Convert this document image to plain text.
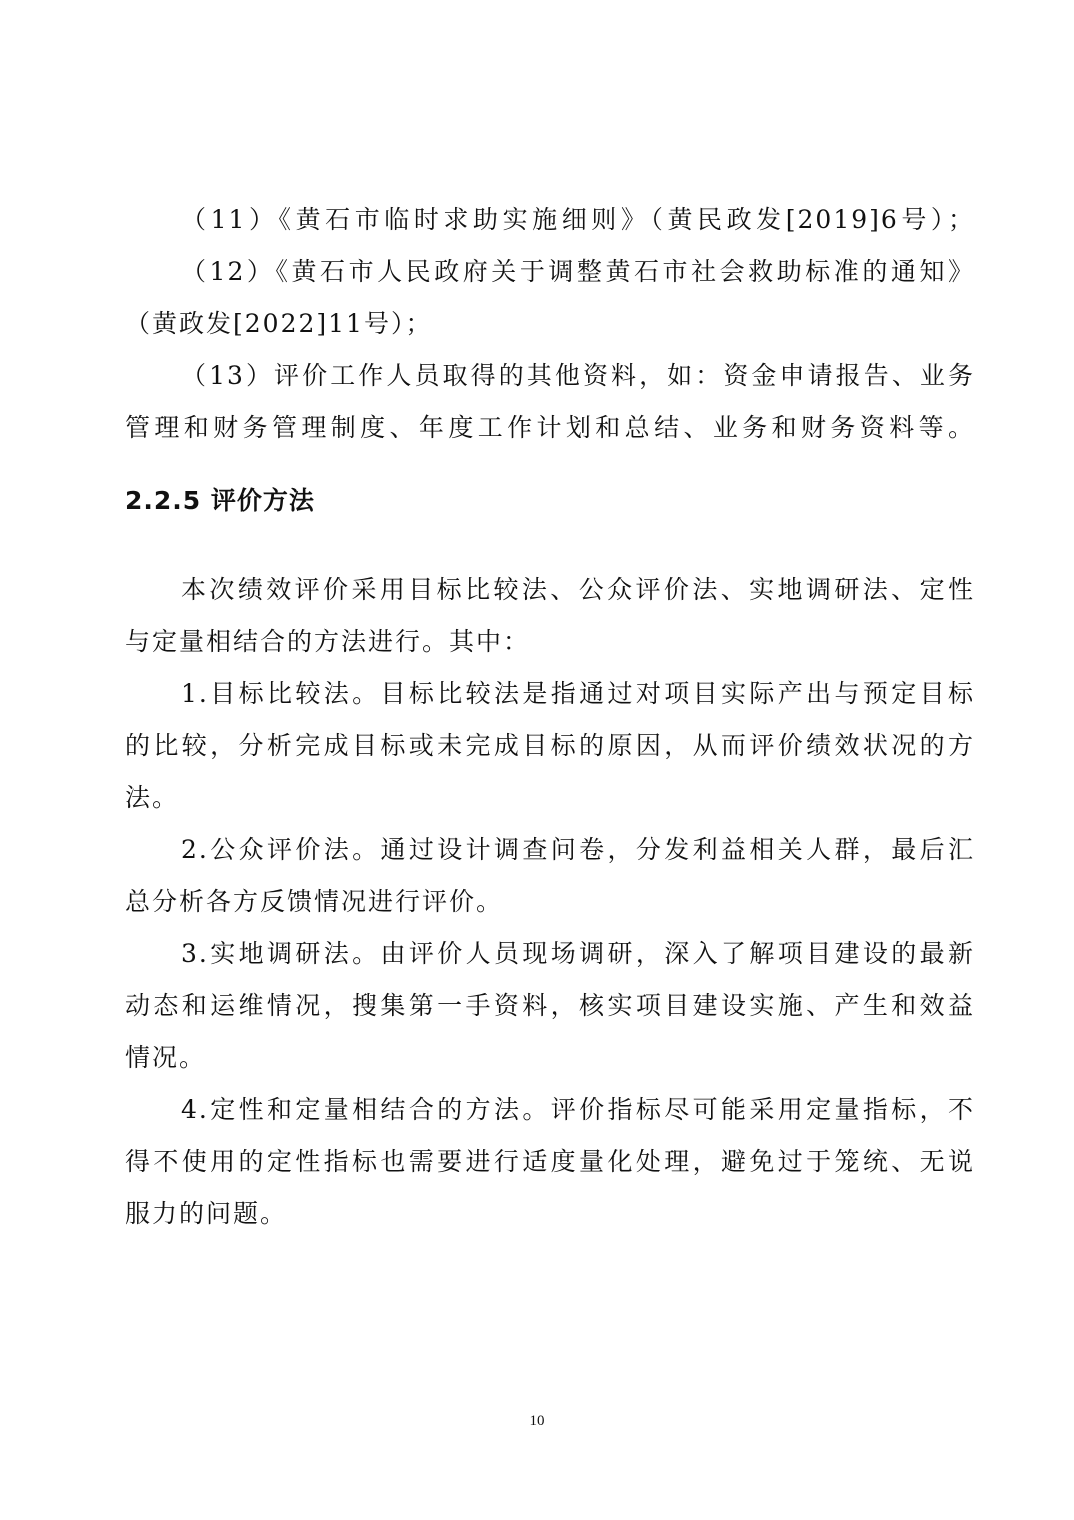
（11）《黄石市临时求助实施细则》（黄民政发[2019]6号）；
（12）《黄石市人民政府关于调整黄石市社会救助标准的通知》
（黄政发[2022]11号）；
（13）评价工作人员取得的其他资料，如：资金申请报告、业务
管理和财务管理制度、年度工作计划和总结、业务和财务资料等。
2.2.5 评价方法
本次绩效评价采用目标比较法、公众评价法、实地调研法、定性
与定量相结合的方法进行。其中：
1.目标比较法。目标比较法是指通过对项目实际产出与预定目标
的比较，分析完成目标或未完成目标的原因，从而评价绩效状况的方
法。
2.公众评价法。通过设计调查问卷，分发利益相关人群，最后汇
总分析各方反馈情况进行评价。
3.实地调研法。由评价人员现场调研，深入了解项目建设的最新
动态和运维情况，搜集第一手资料，核实项目建设实施、产生和效益
情况。
4.定性和定量相结合的方法。评价指标尽可能采用定量指标，不
得不使用的定性指标也需要进行适度量化处理，避免过于笼统、无说
服力的问题。
10
